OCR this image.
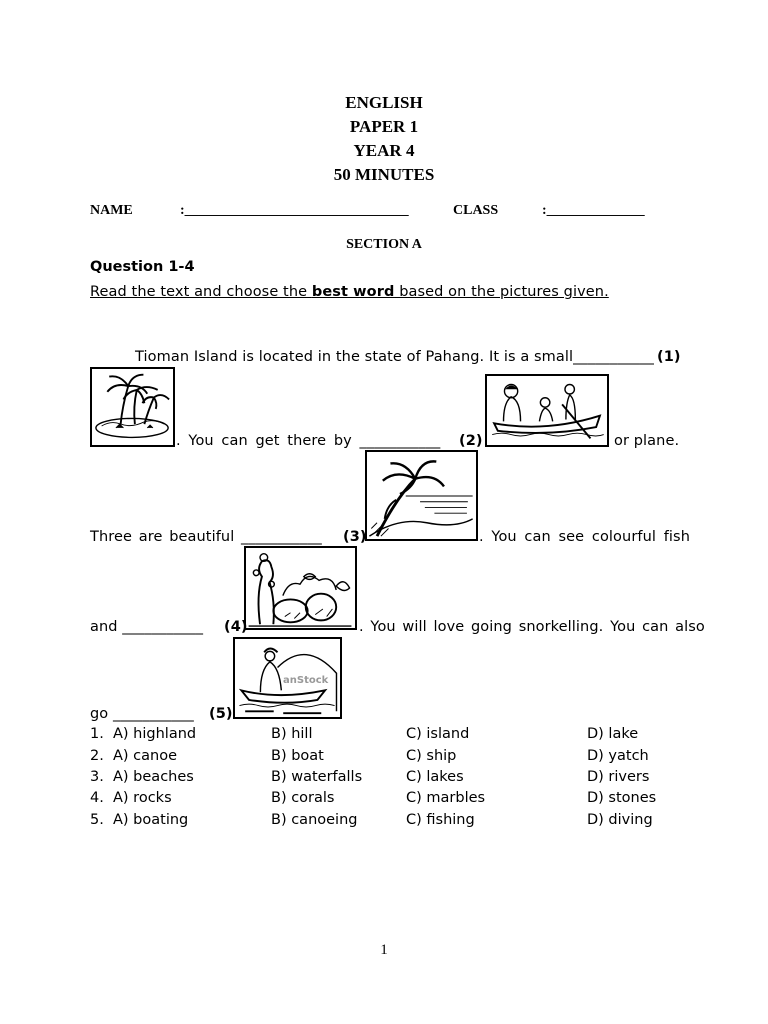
ENGLISH
PAPER 1
YEAR 4
50 MINUTES
NAME	:________________________________	CLASS	:______________
SECTION A
Question 1-4
Read the text and choose the best word based on the pictures given.
Tioman Island is located in the state of Pahang. It is a small___________ (1)
. You can get there by ___________ (2)	or plane.
Three are beautiful ___________ (3)	. You can see colourful fish
and ___________ (4)	. You will love going snorkelling. You can also
anStock
go ___________ (5)
1. A) highland	B) hill	C) island	D) lake
2. A) canoe	B) boat	C) ship	D) yatch
3. A) beaches	B) waterfalls	C) lakes	D) rivers
4. A) rocks	B) corals	C) marbles	D) stones
5. A) boating	B) canoeing	C) fishing	D) diving
1
